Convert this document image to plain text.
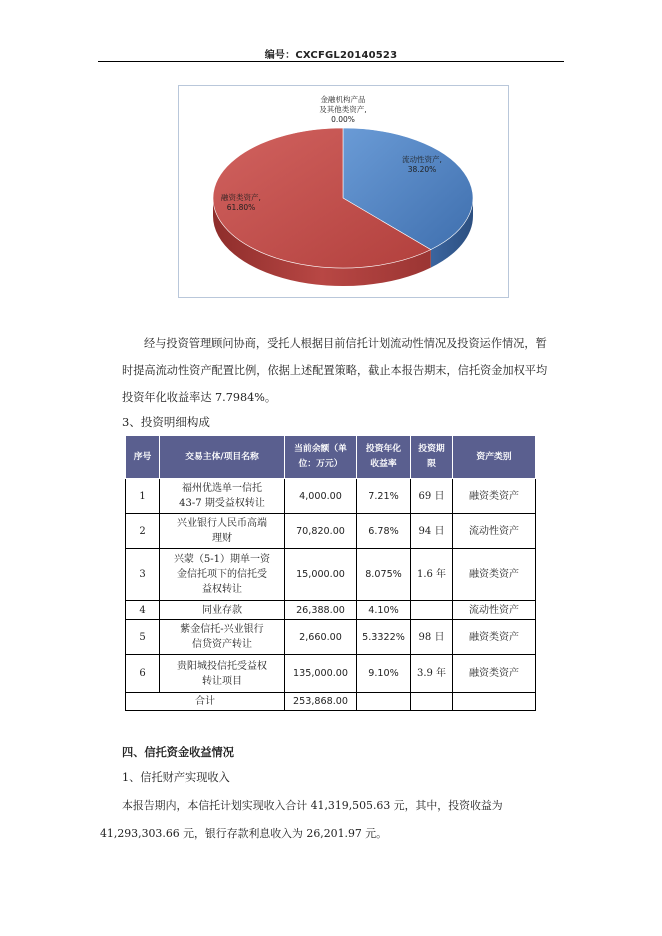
编号：CXCFGL20140523
金融机构产品
及其他类资产,
0.00%
流动性资产,
38.20%
融资类资产,
61.80%
经与投资管理顾问协商，受托人根据目前信托计划流动性情况及投资运作情况，暂
时提高流动性资产配置比例，依据上述配置策略，截止本报告期末，信托资金加权平均
投资年化收益率达 7.7984%。
3、投资明细构成
序号	交易主体/项目名称	当前余额（单
位：万元）	投资年化
收益率	投资期
限	资产类别
1	福州优选单一信托
43-7 期受益权转让	4,000.00	7.21%	69 日	融资类资产
2	兴业银行人民币高端
理财	70,820.00	6.78%	94 日	流动性资产
3	兴蒙（5-1）期单一资
金信托项下的信托受
益权转让	15,000.00	8.075%	1.6 年	融资类资产
4	同业存款	26,388.00	4.10%		流动性资产
5	紫金信托-兴业银行
信贷资产转让	2,660.00	5.3322%	98 日	融资类资产
6	贵阳城投信托受益权
转让项目	135,000.00	9.10%	3.9 年	融资类资产
合计		253,868.00			
四、信托资金收益情况
1、信托财产实现收入
本报告期内，本信托计划实现收入合计 41,319,505.63 元，其中，投资收益为
41,293,303.66 元，银行存款利息收入为 26,201.97 元。
